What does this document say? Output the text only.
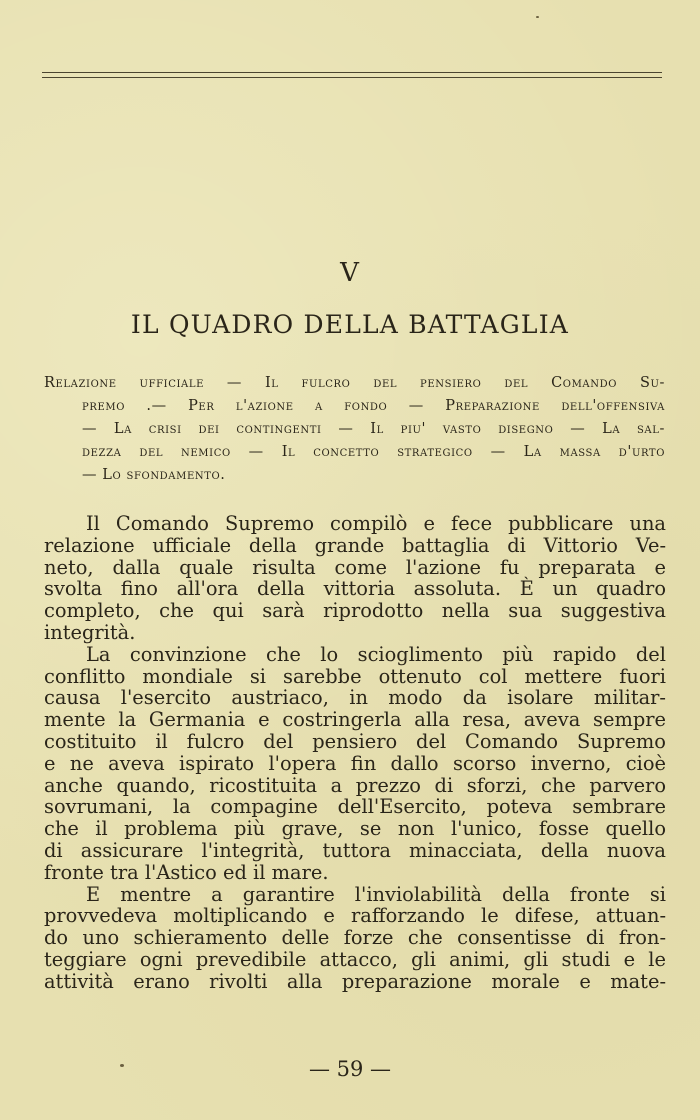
V
IL QUADRO DELLA BATTAGLIA
Relazione ufficiale — Il fulcro del pensiero del Comando Su-
premo .— Per l'azione a fondo — Preparazione dell'offensiva
— La crisi dei contingenti — Il piu' vasto disegno — La sal-
dezza del nemico — Il concetto strategico — La massa d'urto
— Lo sfondamento.
Il Comando Supremo compilò e fece pubblicare una
relazione ufficiale della grande battaglia di Vittorio Ve-
neto, dalla quale risulta come l'azione fu preparata e
svolta fino all'ora della vittoria assoluta. È un quadro
completo, che qui sarà riprodotto nella sua suggestiva
integrità.
La convinzione che lo scioglimento più rapido del
conflitto mondiale si sarebbe ottenuto col mettere fuori
causa l'esercito austriaco, in modo da isolare militar-
mente la Germania e costringerla alla resa, aveva sempre
costituito il fulcro del pensiero del Comando Supremo
e ne aveva ispirato l'opera fin dallo scorso inverno, cioè
anche quando, ricostituita a prezzo di sforzi, che parvero
sovrumani, la compagine dell'Esercito, poteva sembrare
che il problema più grave, se non l'unico, fosse quello
di assicurare l'integrità, tuttora minacciata, della nuova
fronte tra l'Astico ed il mare.
E mentre a garantire l'inviolabilità della fronte si
provvedeva moltiplicando e rafforzando le difese, attuan-
do uno schieramento delle forze che consentisse di fron-
teggiare ogni prevedibile attacco, gli animi, gli studi e le
attività erano rivolti alla preparazione morale e mate-
— 59 —
